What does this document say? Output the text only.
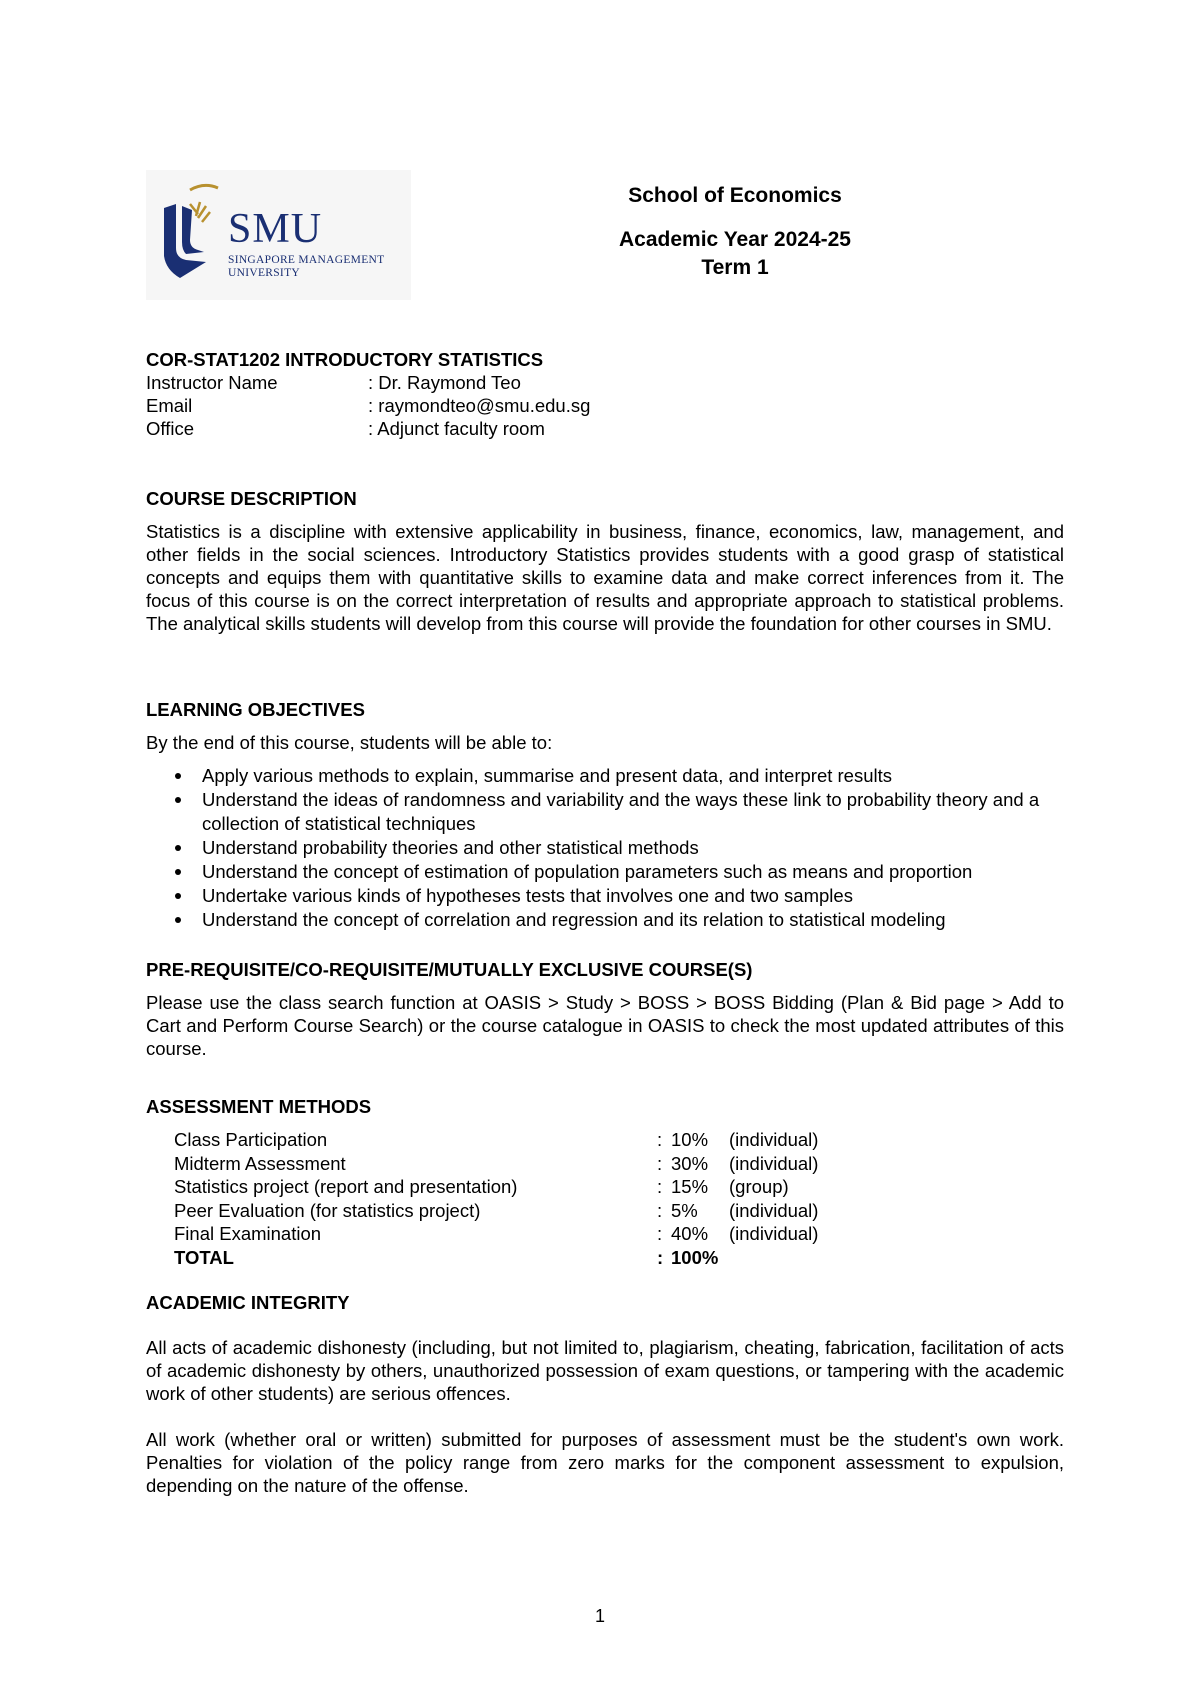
SMU
SINGAPORE MANAGEMENT
UNIVERSITY
School of Economics
Academic Year 2024-25
Term 1
COR-STAT1202 INTRODUCTORY STATISTICS
Instructor Name	: Dr. Raymond Teo
Email	: raymondteo@smu.edu.sg
Office	: Adjunct faculty room
COURSE DESCRIPTION
Statistics is a discipline with extensive applicability in business, finance, economics, law, management, and other fields in the social sciences. Introductory Statistics provides students with a good grasp of statistical concepts and equips them with quantitative skills to examine data and make correct inferences from it. The focus of this course is on the correct interpretation of results and appropriate approach to statistical problems. The analytical skills students will develop from this course will provide the foundation for other courses in SMU.
LEARNING OBJECTIVES
By the end of this course, students will be able to:
Apply various methods to explain, summarise and present data, and interpret results
Understand the ideas of randomness and variability and the ways these link to probability theory and a collection of statistical techniques
Understand probability theories and other statistical methods
Understand the concept of estimation of population parameters such as means and proportion
Undertake various kinds of hypotheses tests that involves one and two samples
Understand the concept of correlation and regression and its relation to statistical modeling
PRE-REQUISITE/CO-REQUISITE/MUTUALLY EXCLUSIVE COURSE(S)
Please use the class search function at OASIS > Study > BOSS > BOSS Bidding (Plan & Bid page > Add to Cart and Perform Course Search) or the course catalogue in OASIS to check the most updated attributes of this course.
ASSESSMENT METHODS
Class Participation	: 10%	(individual)
Midterm Assessment	: 30%	(individual)
Statistics project (report and presentation)	: 15%	(group)
Peer Evaluation (for statistics project)	: 5%	(individual)
Final Examination	: 40%	(individual)
TOTAL	: 100%
ACADEMIC INTEGRITY
All acts of academic dishonesty (including, but not limited to, plagiarism, cheating, fabrication, facilitation of acts of academic dishonesty by others, unauthorized possession of exam questions, or tampering with the academic work of other students) are serious offences.
All work (whether oral or written) submitted for purposes of assessment must be the student's own work. Penalties for violation of the policy range from zero marks for the component assessment to expulsion, depending on the nature of the offense.
1
